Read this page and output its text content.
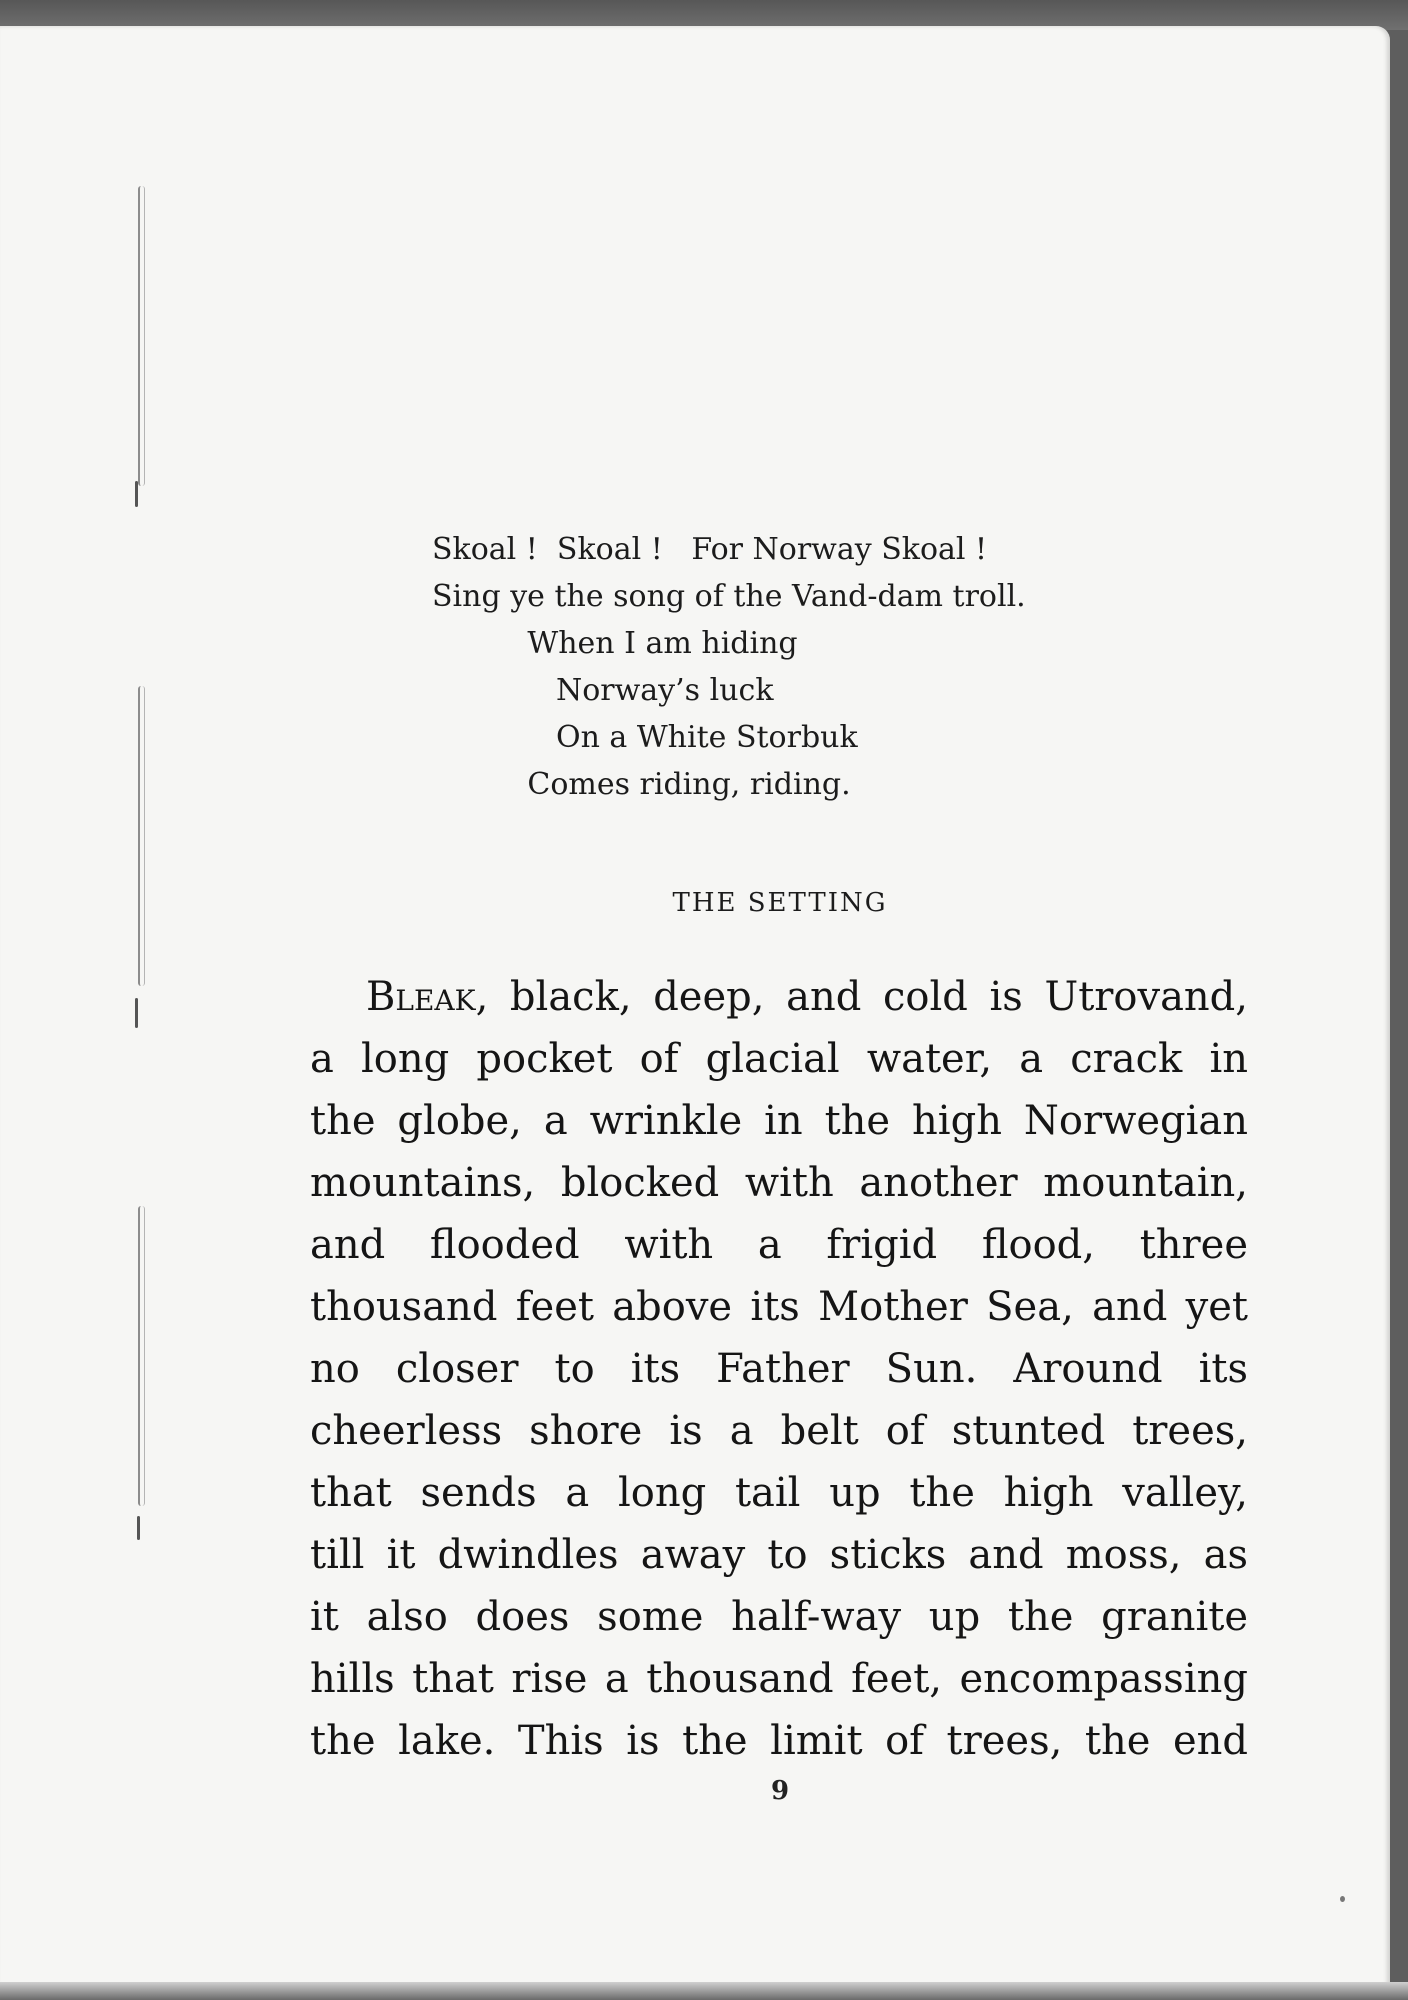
Skoal !  Skoal !   For Norway Skoal !
Sing ye the song of the Vand-dam troll.
When I am hiding
Norway’s luck
On a White Storbuk
Comes riding, riding.
THE SETTING
Bleak, black, deep, and cold is Utrovand,
a long pocket of glacial water, a crack in
the globe, a wrinkle in the high Norwegian
mountains, blocked with another mountain,
and flooded with a frigid flood, three
thousand feet above its Mother Sea, and yet
no closer to its Father Sun. Around its
cheerless shore is a belt of stunted trees,
that sends a long tail up the high valley,
till it dwindles away to sticks and moss, as
it also does some half-way up the granite
hills that rise a thousand feet, encompassing
the lake. This is the limit of trees, the end
9
